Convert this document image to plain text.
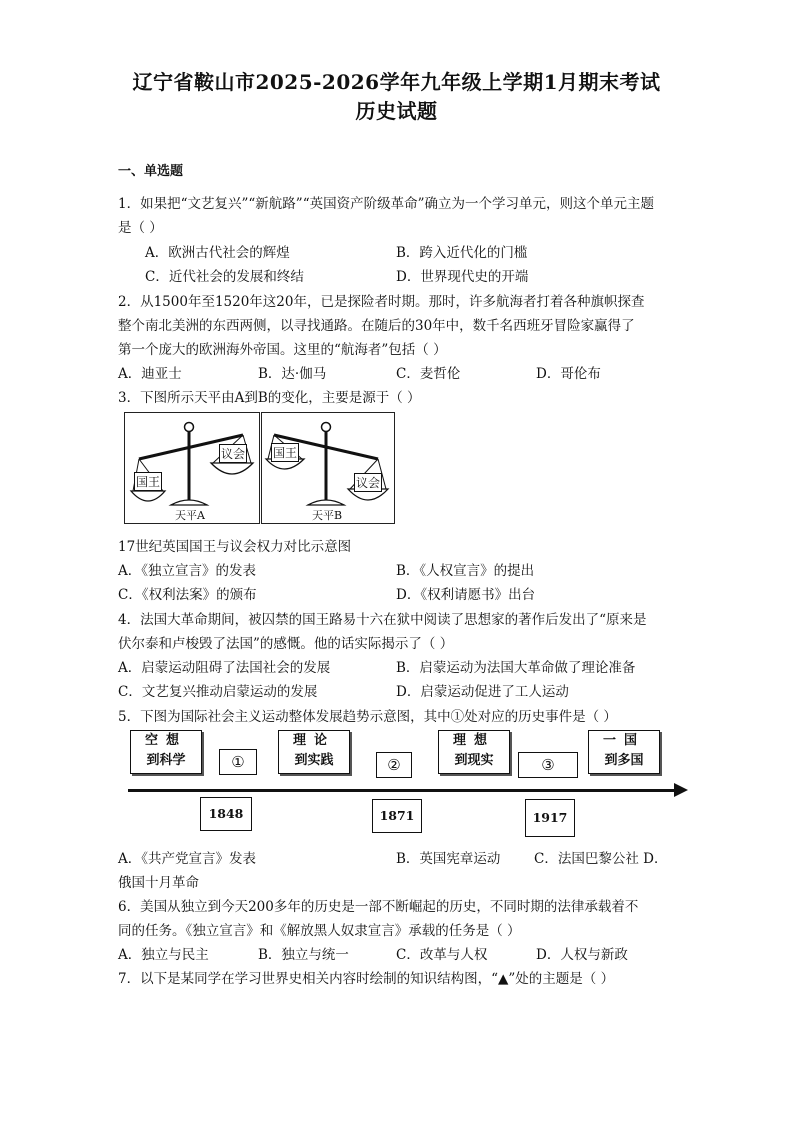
辽宁省鞍山市2025-2026学年九年级上学期1月期末考试
历史试题
一、单选题
1．如果把“文艺复兴”“新航路”“英国资产阶级革命”确立为一个学习单元，则这个单元主题
是（ ）
A．欧洲古代社会的辉煌	B．跨入近代化的门槛
C．近代社会的发展和终结	D．世界现代史的开端
2．从1500年至1520年这20年，已是探险者时期。那时，许多航海者打着各种旗帜探查
整个南北美洲的东西两侧，以寻找通路。在随后的30年中，数千名西班牙冒险家赢得了
第一个庞大的欧洲海外帝国。这里的“航海者”包括（ ）
A．迪亚士	B．达·伽马	C．麦哲伦	D．哥伦布
3．下图所示天平由A到B的变化，主要是源于（ ）
国王
议会
天平A
国王
议会
天平B
17世纪英国国王与议会权力对比示意图
A．《独立宣言》的发表	B．《人权宣言》的提出
C．《权利法案》的颁布	D．《权利请愿书》出台
4．法国大革命期间，被囚禁的国王路易十六在狱中阅读了思想家的著作后发出了“原来是
伏尔泰和卢梭毁了法国”的感慨。他的话实际揭示了（ ）
A．启蒙运动阻碍了法国社会的发展	B．启蒙运动为法国大革命做了理论准备
C．文艺复兴推动启蒙运动的发展	D．启蒙运动促进了工人运动
5．下图为国际社会主义运动整体发展趋势示意图，其中①处对应的历史事件是（ ）
空想
到科学	①
理论
到实践	②
理想
到现实	③
一国
到多国
1848	1871	1917
A．《共产党宣言》发表	B．英国宪章运动 C．法国巴黎公社 D．
俄国十月革命
6．美国从独立到今天200多年的历史是一部不断崛起的历史，不同时期的法律承载着不
同的任务。《独立宣言》和《解放黑人奴隶宣言》承载的任务是（ ）
A．独立与民主	B．独立与统一	C．改革与人权	D．人权与新政
7．以下是某同学在学习世界史相关内容时绘制的知识结构图，“▲”处的主题是（ ）
